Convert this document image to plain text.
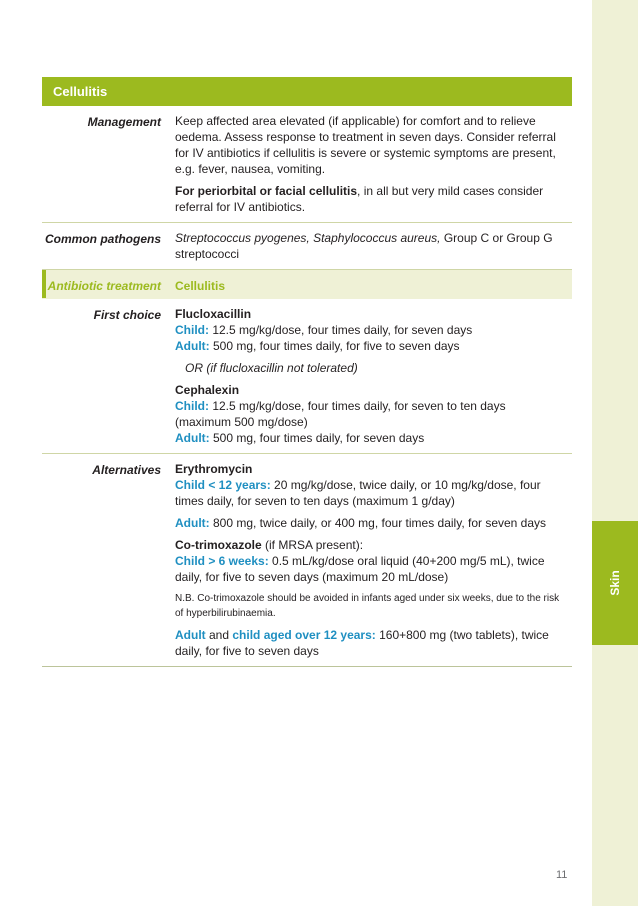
Skin
Cellulitis
Management	Keep affected area elevated (if applicable) for comfort and to relieve oedema. Assess response to treatment in seven days. Consider referral for IV antibiotics if cellulitis is severe or systemic symptoms are present, e.g. fever, nausea, vomiting.

For periorbital or facial cellulitis, in all but very mild cases consider referral for IV antibiotics.

Common pathogens	Streptococcus pyogenes, Staphylococcus aureus, Group C or Group G streptococci

Antibiotic treatment	Cellulitis
First choice	Flucloxacillin
Child: 12.5 mg/kg/dose, four times daily, for seven days
Adult: 500 mg, four times daily, for five to seven days

OR (if flucloxacillin not tolerated)

Cephalexin
Child: 12.5 mg/kg/dose, four times daily, for seven to ten days (maximum 500 mg/dose)
Adult: 500 mg, four times daily, for seven days

Alternatives	Erythromycin
Child < 12 years: 20 mg/kg/dose, twice daily, or 10 mg/kg/dose, four times daily, for seven to ten days (maximum 1 g/day)

Adult: 800 mg, twice daily, or 400 mg, four times daily, for seven days

Co-trimoxazole (if MRSA present):
Child > 6 weeks: 0.5 mL/kg/dose oral liquid (40+200 mg/5 mL), twice daily, for five to seven days (maximum 20 mL/dose)

N.B. Co-trimoxazole should be avoided in infants aged under six weeks, due to the risk of hyperbilirubinaemia.

Adult and child aged over 12 years: 160+800 mg (two tablets), twice daily, for five to seven days

11
